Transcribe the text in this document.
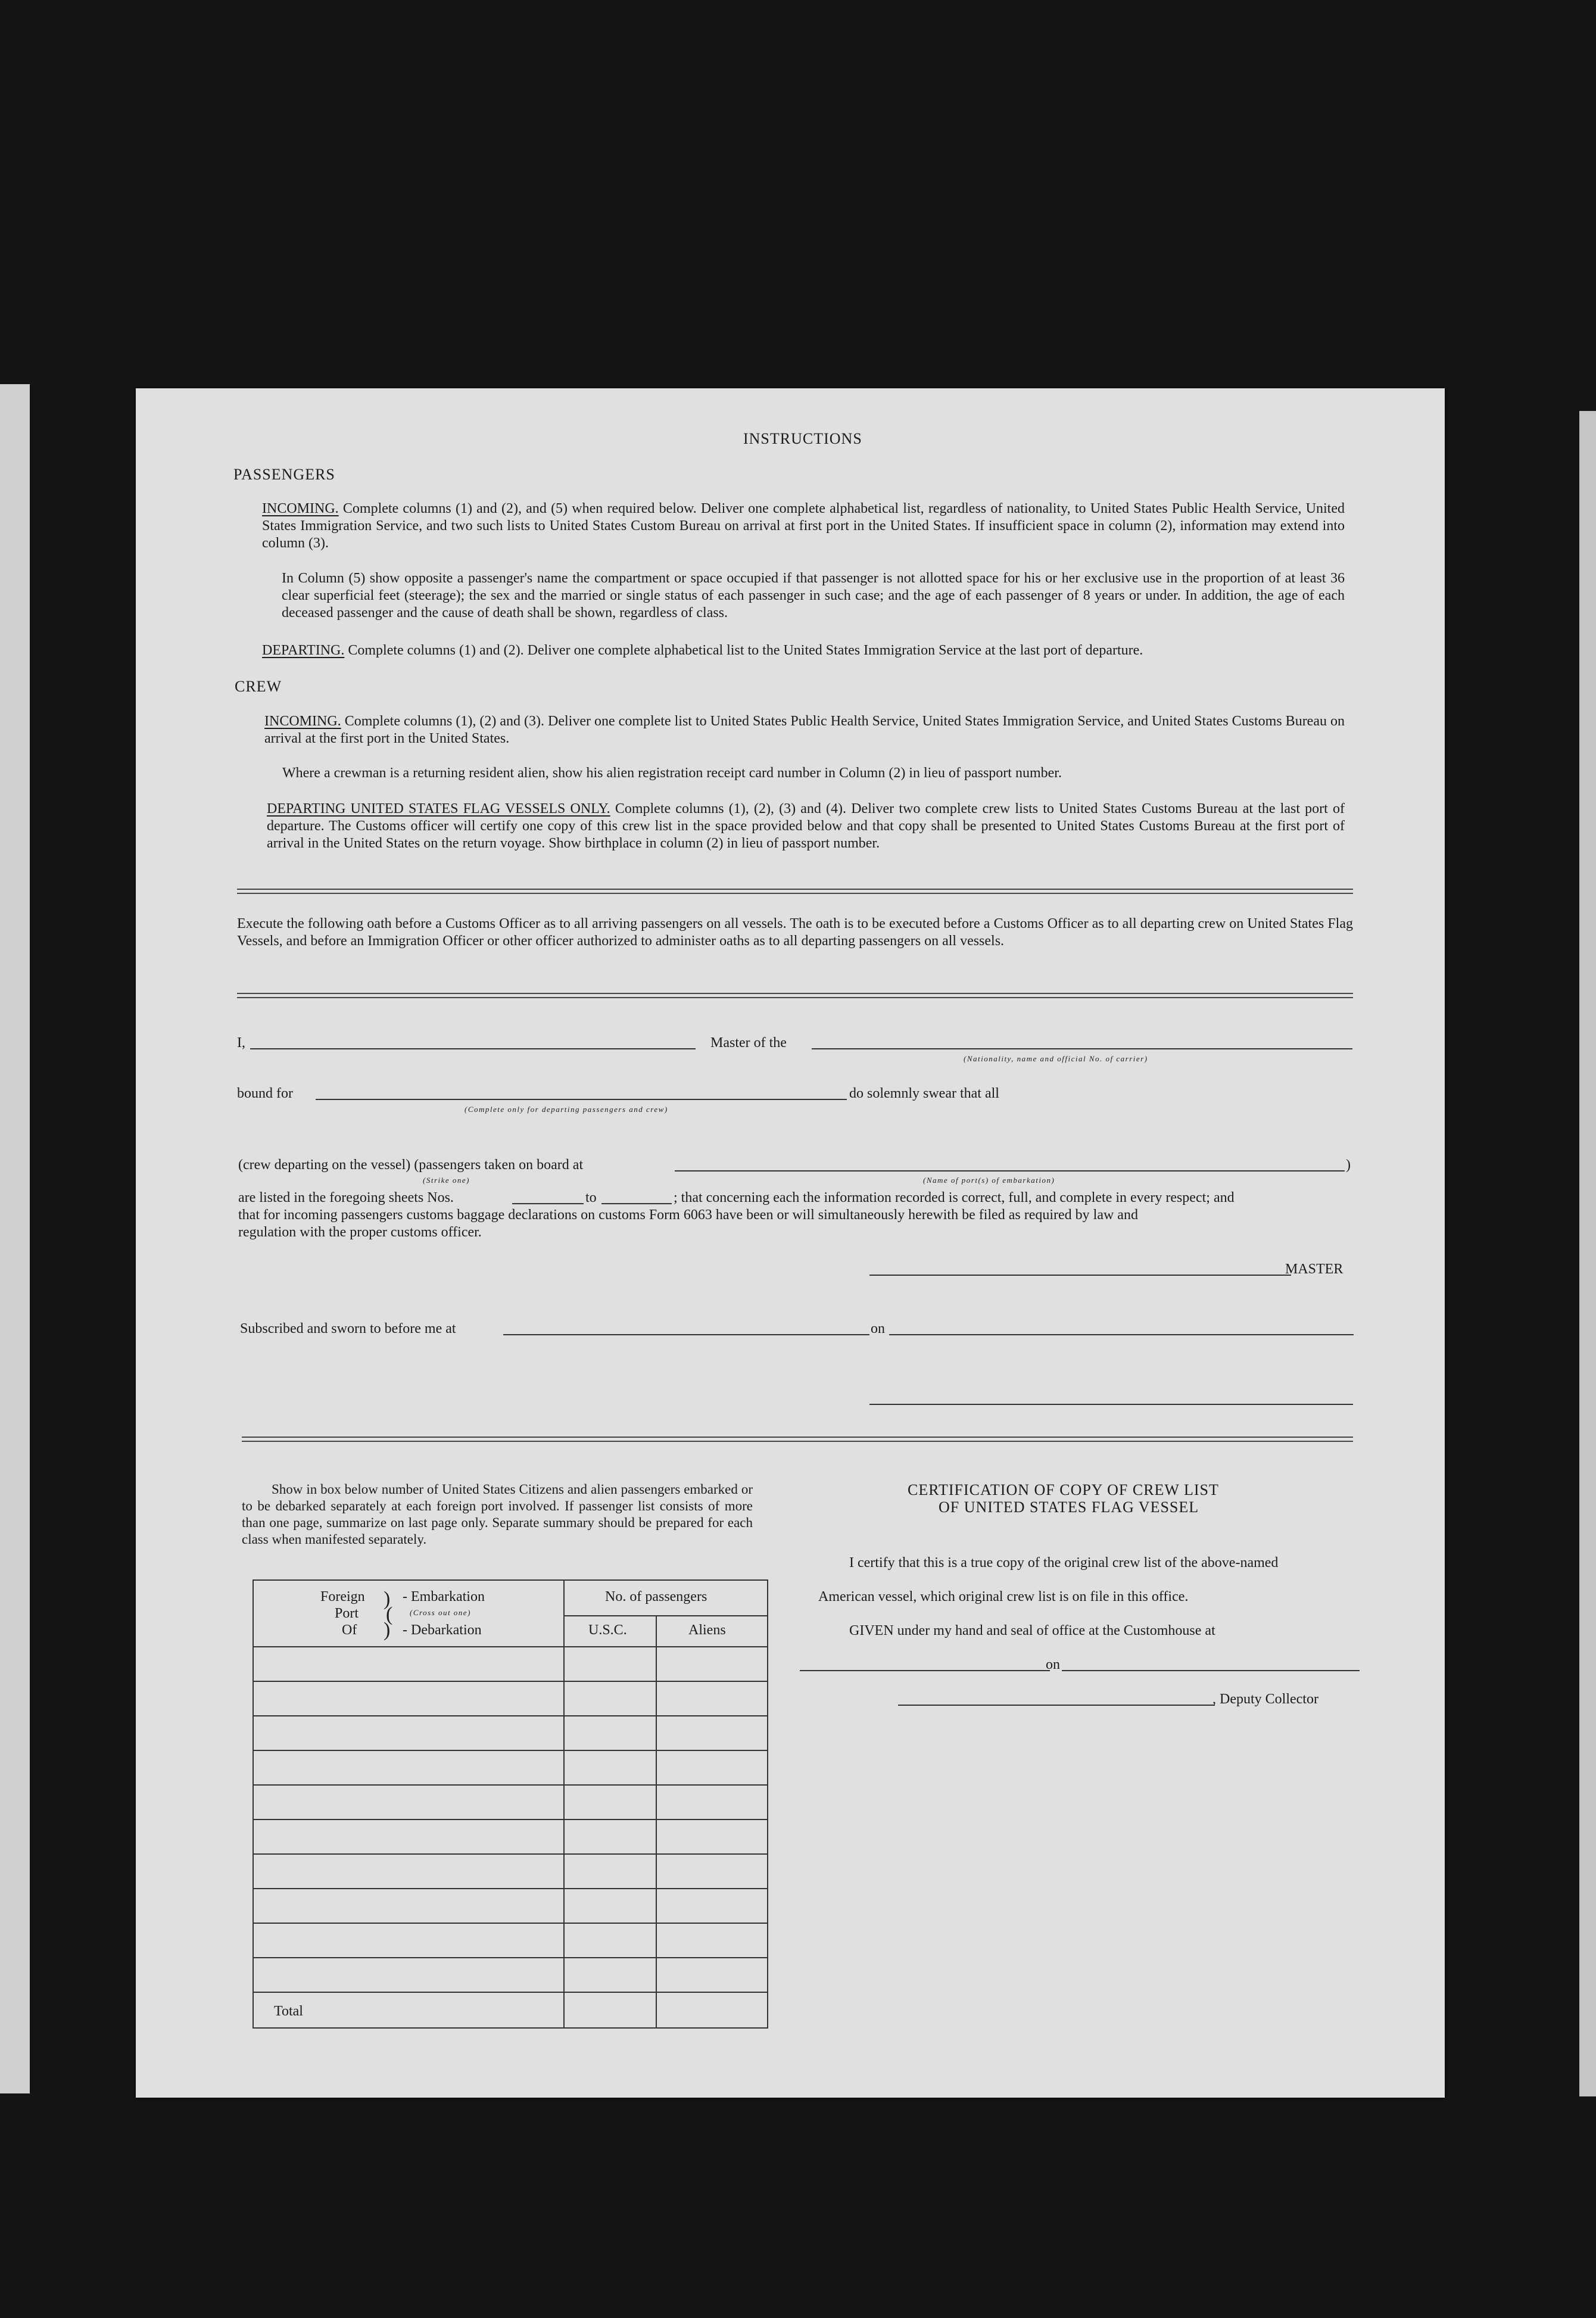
INSTRUCTIONS
PASSENGERS
INCOMING. Complete columns (1) and (2), and (5) when required below. Deliver one complete alphabetical list, regardless of nationality, to United States Public Health Service, United States Immigration Service, and two such lists to United States Custom Bureau on arrival at first port in the United States. If insufficient space in column (2), information may extend into column (3).
In Column (5) show opposite a passenger's name the compartment or space occupied if that passenger is not allotted space for his or her exclusive use in the proportion of at least 36 clear superficial feet (steerage); the sex and the married or single status of each passenger in such case; and the age of each passenger of 8 years or under. In addition, the age of each deceased passenger and the cause of death shall be shown, regardless of class.
DEPARTING. Complete columns (1) and (2). Deliver one complete alphabetical list to the United States Immigration Service at the last port of departure.
CREW
INCOMING. Complete columns (1), (2) and (3). Deliver one complete list to United States Public Health Service, United States Immigration Service, and United States Customs Bureau on arrival at the first port in the United States.
Where a crewman is a returning resident alien, show his alien registration receipt card number in Column (2) in lieu of passport number.
DEPARTING UNITED STATES FLAG VESSELS ONLY. Complete columns (1), (2), (3) and (4). Deliver two complete crew lists to United States Customs Bureau at the last port of departure. The Customs officer will certify one copy of this crew list in the space provided below and that copy shall be presented to United States Customs Bureau at the first port of arrival in the United States on the return voyage. Show birthplace in column (2) in lieu of passport number.
Execute the following oath before a Customs Officer as to all arriving passengers on all vessels. The oath is to be executed before a Customs Officer as to all departing crew on United States Flag Vessels, and before an Immigration Officer or other officer authorized to administer oaths as to all departing passengers on all vessels.
I,	Master of the
(Nationality, name and official No. of carrier)
bound for
(Complete only for departing passengers and crew)
do solemnly swear that all
(crew departing on the vessel) (passengers taken on board at
(Strike one)	(Name of port(s) of embarkation)
)
are listed in the foregoing sheets Nos.	to	; that concerning each the information recorded is correct, full, and complete in every respect; and
that for incoming passengers customs baggage declarations on customs Form 6063 have been or will simultaneously herewith be filed as required by law and
regulation with the proper customs officer.
MASTER
Subscribed and sworn to before me at	on
Show in box below number of United States Citizens and alien passengers embarked or to be debarked separately at each foreign port involved. If passenger list consists of more than one page, summarize on last page only. Separate summary should be prepared for each class when manifested separately.
Foreign
Port
Of
)
(
)
- Embarkation
(Cross out one)
- Debarkation
No. of passengers
U.S.C.	Aliens
Total
CERTIFICATION OF COPY OF CREW LIST
OF UNITED STATES FLAG VESSEL
I certify that this is a true copy of the original crew list of the above-named
American vessel, which original crew list is on file in this office.
GIVEN under my hand and seal of office at the Customhouse at
on
, Deputy Collector
